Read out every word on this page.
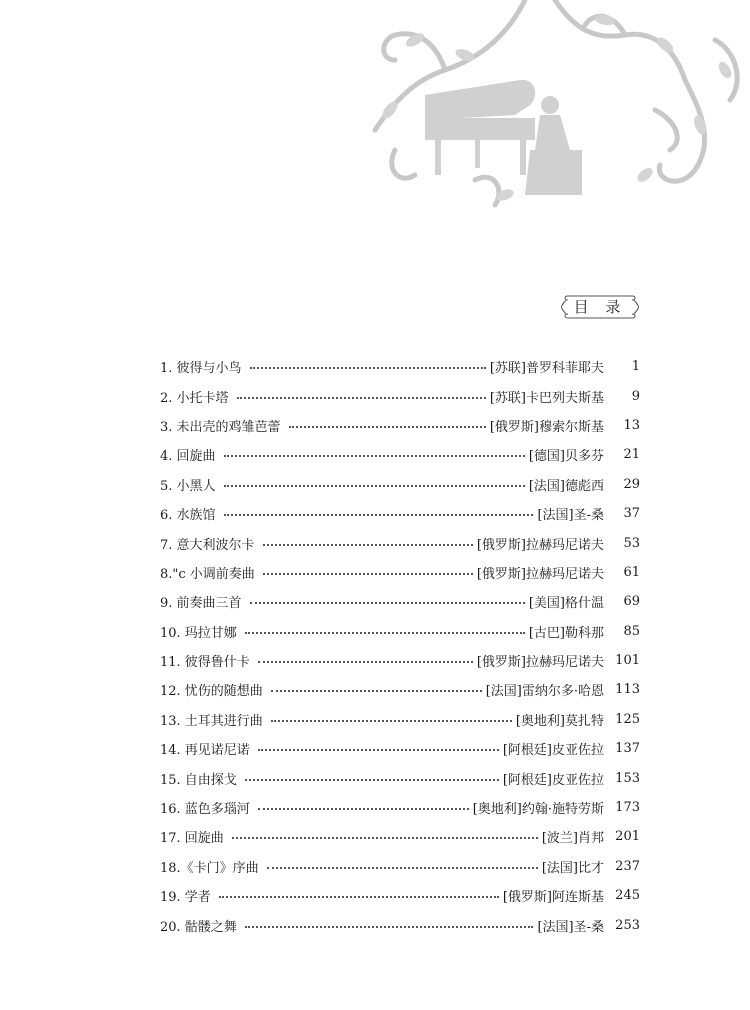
目 录
1. 彼得与小鸟	[苏联]普罗科菲耶夫	1
2. 小托卡塔	[苏联]卡巴列夫斯基	9
3. 未出壳的鸡雏芭蕾	[俄罗斯]穆索尔斯基	13
4. 回旋曲	[德国]贝多芬	21
5. 小黑人	[法国]德彪西	29
6. 水族馆	[法国]圣-桑	37
7. 意大利波尔卡	[俄罗斯]拉赫玛尼诺夫	53
8."c 小调前奏曲	[俄罗斯]拉赫玛尼诺夫	61
9. 前奏曲三首	[美国]格什温	69
10. 玛拉甘娜	[古巴]勒科那	85
11. 彼得鲁什卡	[俄罗斯]拉赫玛尼诺夫 101
12. 忧伤的随想曲	[法国]雷纳尔多·哈恩 113
13. 土耳其进行曲	[奥地利]莫扎特 125
14. 再见诺尼诺	[阿根廷]皮亚佐拉 137
15. 自由探戈	[阿根廷]皮亚佐拉 153
16. 蓝色多瑙河	[奥地利]约翰·施特劳斯 173
17. 回旋曲	[波兰]肖邦 201
18.《卡门》序曲	[法国]比才 237
19. 学者	[俄罗斯]阿连斯基 245
20. 骷髅之舞	[法国]圣-桑 253
